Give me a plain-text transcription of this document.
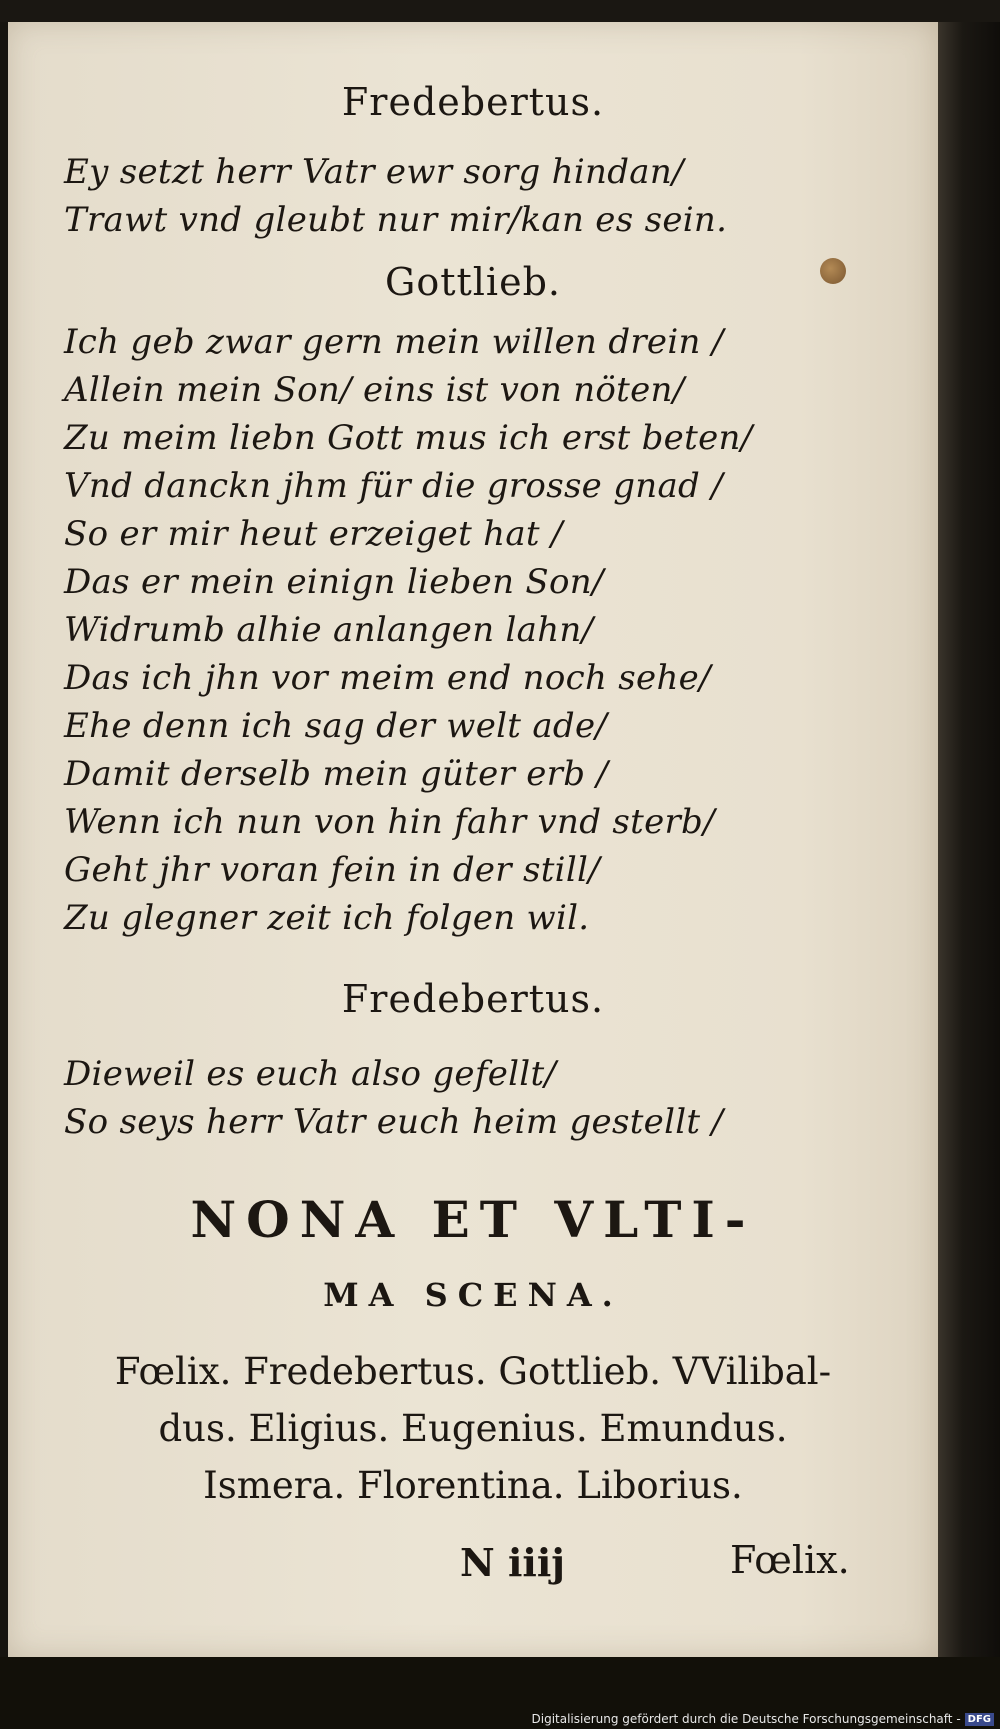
Fredebertus.
Ey setzt herr Vatr ewr sorg hindan/
Trawt vnd gleubt nur mir/kan es sein.
Gottlieb.
Ich geb zwar gern mein willen drein /
Allein mein Son/ eins ist von nöten/
Zu meim liebn Gott mus ich erst beten/
Vnd danckn jhm für die grosse gnad /
So er mir heut erzeiget hat /
Das er mein einign lieben Son/
Widrumb alhie anlangen lahn/
Das ich jhn vor meim end noch sehe/
Ehe denn ich sag der welt ade/
Damit derselb mein güter erb /
Wenn ich nun von hin fahr vnd sterb/
Geht jhr voran fein in der still/
Zu glegner zeit ich folgen wil.
Fredebertus.
Dieweil es euch also gefellt/
So seys herr Vatr euch heim gestellt /
NONA ET VLTI-
MA SCENA.
Fœlix. Fredebertus. Gottlieb. VVilibal-
dus. Eligius. Eugenius. Emundus.
Ismera. Florentina. Liborius.
N iiij	Fœlix.
Digitalisierung gefördert durch die Deutsche Forschungsgemeinschaft - DFG
